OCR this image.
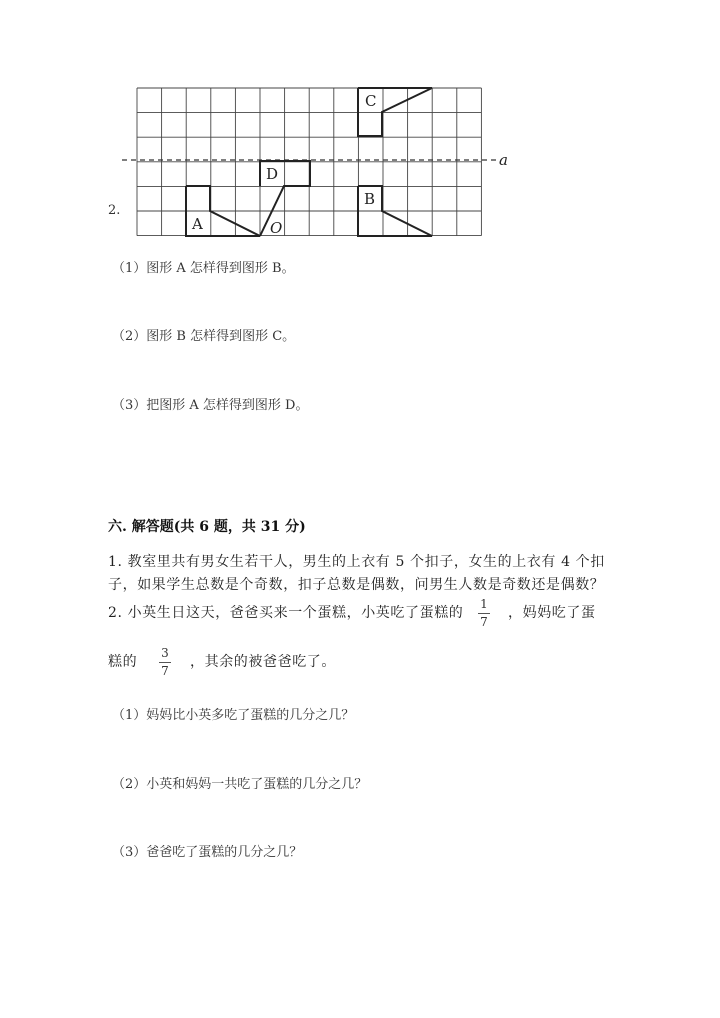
a
A
D
O
B
C
2.
（1）图形 A 怎样得到图形 B。
（2）图形 B 怎样得到图形 C。
（3）把图形 A 怎样得到图形 D。
六. 解答题(共 6 题，共 31 分)
1. 教室里共有男女生若干人，男生的上衣有 5 个扣子，女生的上衣有 4 个扣
子，如果学生总数是个奇数，扣子总数是偶数，问男生人数是奇数还是偶数？
2. 小英生日这天，爸爸买来一个蛋糕，小英吃了蛋糕的
1
7
，妈妈吃了蛋
糕的
3
7
，其余的被爸爸吃了。
（1）妈妈比小英多吃了蛋糕的几分之几？
（2）小英和妈妈一共吃了蛋糕的几分之几？
（3）爸爸吃了蛋糕的几分之几？
